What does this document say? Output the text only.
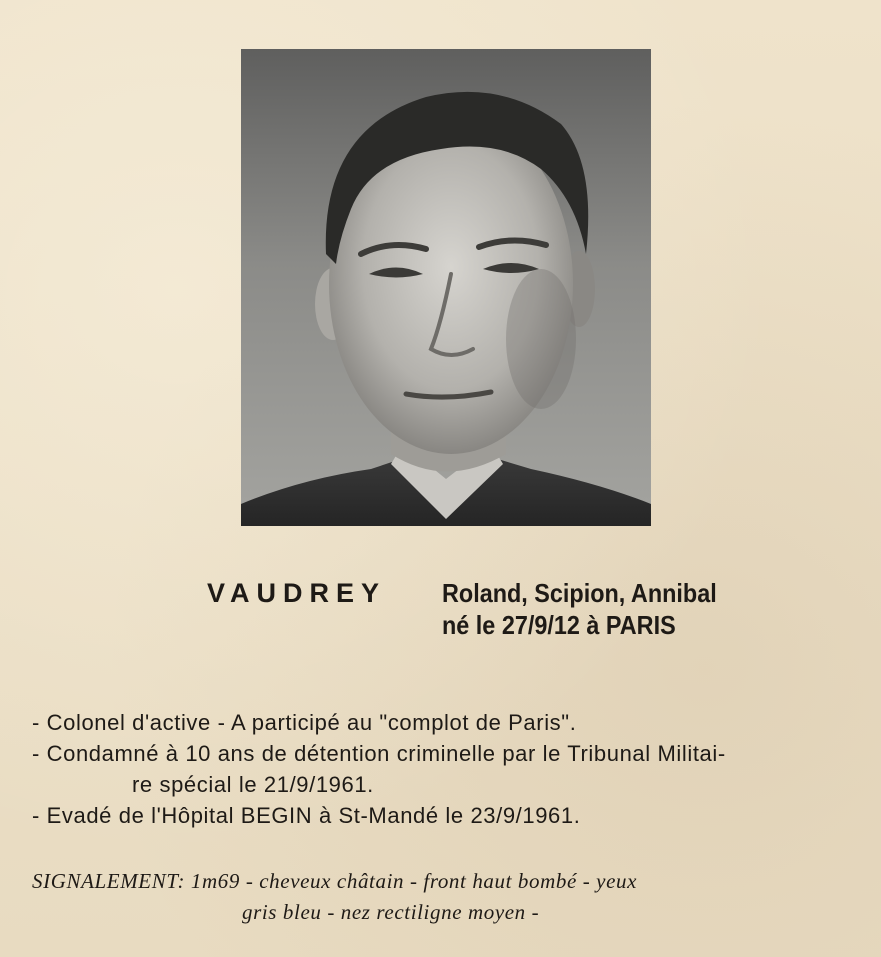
VAUDREY Roland, Scipion, Annibal
né le 27/9/12 à PARIS
- Colonel d'active - A participé au "complot de Paris".
- Condamné à 10 ans de détention criminelle par le Tribunal Militai-
re spécial le 21/9/1961.
- Evadé de l'Hôpital BEGIN à St-Mandé le 23/9/1961.
SIGNALEMENT: 1m69 - cheveux châtain - front haut bombé - yeux
gris bleu - nez rectiligne moyen -
